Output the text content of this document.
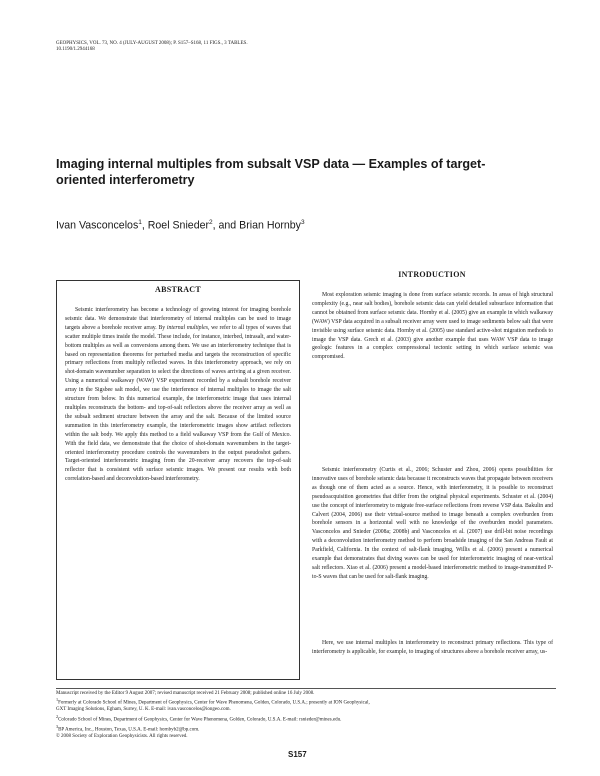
GEOPHYSICS, VOL. 73, NO. 4 (JULY-AUGUST 2008); P. S157–S168, 11 FIGS., 3 TABLES.
10.1190/1.2944168
Imaging internal multiples from subsalt VSP data — Examples of target-oriented interferometry

Ivan Vasconcelos$^1$, Roel Snieder$^2$, and Brian Hornby$^3$

ABSTRACT

Seismic interferometry has become a technology of growing interest for imaging borehole seismic data. We demonstrate that interferometry of internal multiples can be used to image targets above a borehole receiver array. By internal multiples, we refer to all types of waves that scatter multiple times inside the model. These include, for instance, interbed, intrasalt, and water-bottom multiples as well as conversions among them. We use an interferometry technique that is based on representation theorems for perturbed media and targets the reconstruction of specific primary reflections from multiply reflected waves. In this interferometry approach, we rely on shot-domain wavenumber separation to select the directions of waves arriving at a given receiver. Using a numerical walkaway (WAW) VSP experiment recorded by a subsalt borehole receiver array in the Sigsbee salt model, we use the interference of internal multiples to image the salt structure from below. In this numerical example, the interferometric image that uses internal multiples reconstructs the bottom- and top-of-salt reflectors above the receiver array as well as the subsalt sediment structure between the array and the salt. Because of the limited source summation in this interferometry example, the interferometric images show artifact reflectors within the salt body. We apply this method to a field walkaway VSP from the Gulf of Mexico. With the field data, we demonstrate that the choice of shot-domain wavenumbers in the target-oriented interferometry procedure controls the wavenumbers in the output pseudoshot gathers. Target-oriented interferometric imaging from the 20-receiver array recovers the top-of-salt reflector that is consistent with surface seismic images. We present our results with both correlation-based and deconvolution-based interferometry.

INTRODUCTION

Most exploration seismic imaging is done from surface seismic records. In areas of high structural complexity (e.g., near salt bodies), borehole seismic data can yield detailed subsurface information that cannot be obtained from surface seismic data. Hornby et al. (2005) give an example in which walkaway (WAW) VSP data acquired in a subsalt receiver array were used to image sediments below salt that were invisible using surface seismic data. Hornby et al. (2005) use standard active-shot migration methods to image the VSP data. Grech et al. (2003) give another example that uses WAW VSP data to image geologic features in a complex compressional tectonic setting in which surface seismic was compromised.

Seismic interferometry (Curtis et al., 2006; Schuster and Zhou, 2006) opens possibilities for innovative uses of borehole seismic data because it reconstructs waves that propagate between receivers as though one of them acted as a source. Hence, with interferometry, it is possible to reconstruct pseudoacquisition geometries that differ from the original physical experiments. Schuster et al. (2004) use the concept of interferometry to migrate free-surface reflections from reverse VSP data. Bakulin and Calvert (2004, 2006) use their virtual-source method to image beneath a complex overburden from borehole sensors in a horizontal well with no knowledge of the overburden model parameters. Vasconcelos and Snieder (2008a; 2008b) and Vasconcelos et al. (2007) use drill-bit noise recordings with a deconvolution interferometry method to perform broadside imaging of the San Andreas Fault at Parkfield, California. In the context of salt-flank imaging, Willis et al. (2006) present a numerical example that demonstrates that diving waves can be used for interferometric imaging of near-vertical salt reflectors. Xiao et al. (2006) present a model-based interferometric method to image-transmitted P-to-S waves that can be used for salt-flank imaging.

Here, we use internal multiples in interferometry to reconstruct primary reflections. This type of interferometry is applicable, for example, to imaging of structures above a borehole receiver array, us-

Manuscript received by the Editor 9 August 2007; revised manuscript received 21 February 2008; published online 16 July 2008.
$^1$Formerly at Colorado School of Mines, Department of Geophysics, Center for Wave Phenomena, Golden, Colorado, U.S.A.; presently at ION Geophysical,
GXT Imaging Solutions, Egham, Surrey, U. K. E-mail: ivan.vasconcelos@iongeo.com.
$^2$Colorado School of Mines, Department of Geophysics, Center for Wave Phenomena, Golden, Colorado, U.S.A. E-mail: rsnieder@mines.edu.
$^3$BP America, Inc., Houston, Texas, U.S.A. E-mail: hornbyb2@bp.com.
© 2008 Society of Exploration Geophysicists. All rights reserved.

S157
